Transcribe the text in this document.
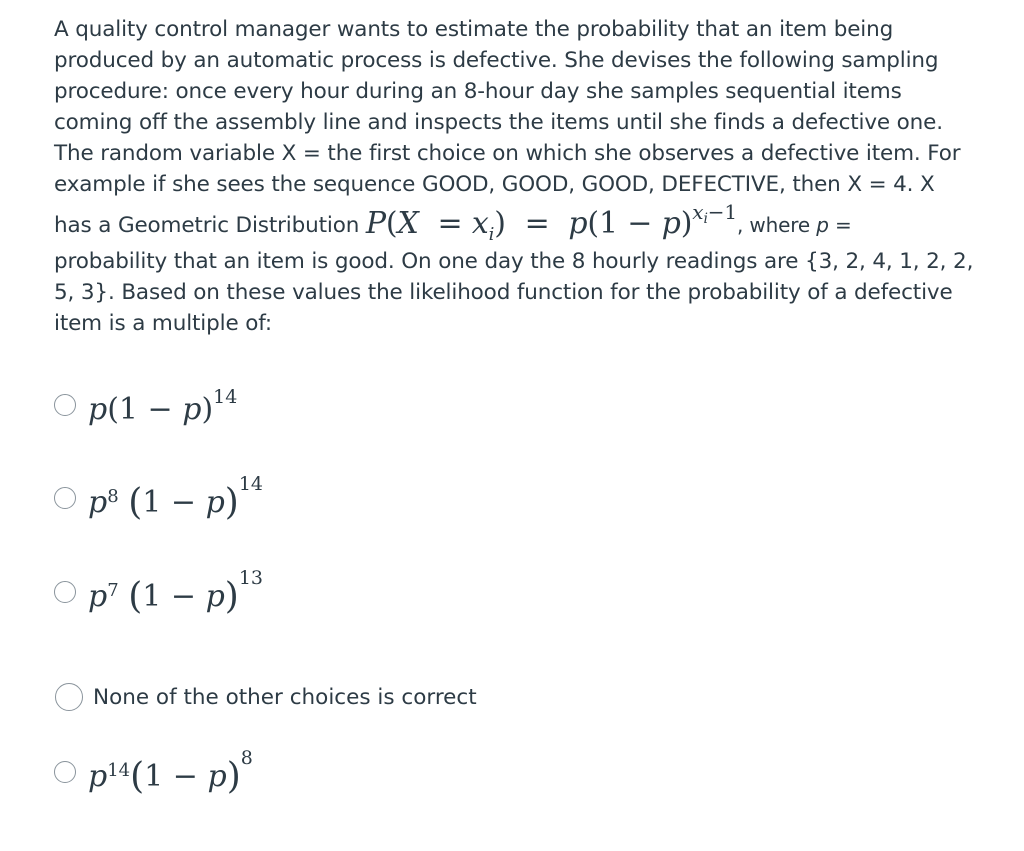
A quality control manager wants to estimate the probability that an item being
produced by an automatic process is defective. She devises the following sampling
procedure: once every hour during an 8-hour day she samples sequential items
coming off the assembly line and inspects the items until she finds a defective one.
The random variable X = the first choice on which she observes a defective item. For
example if she sees the sequence GOOD, GOOD, GOOD, DEFECTIVE, then X = 4. X
has a Geometric Distribution $P(X = x_i) = p(1 - p)^{x_i-1}$, where p =
probability that an item is good. On one day the 8 hourly readings are {3, 2, 4, 1, 2, 2,
5, 3}. Based on these values the likelihood function for the probability of a defective
item is a multiple of:
$p(1 - p)^{14}$
$p^8$ $(1 - p)^{14}$
$p^7$ $(1 - p)^{13}$
None of the other choices is correct
$p^{14}(1 - p)^8$
